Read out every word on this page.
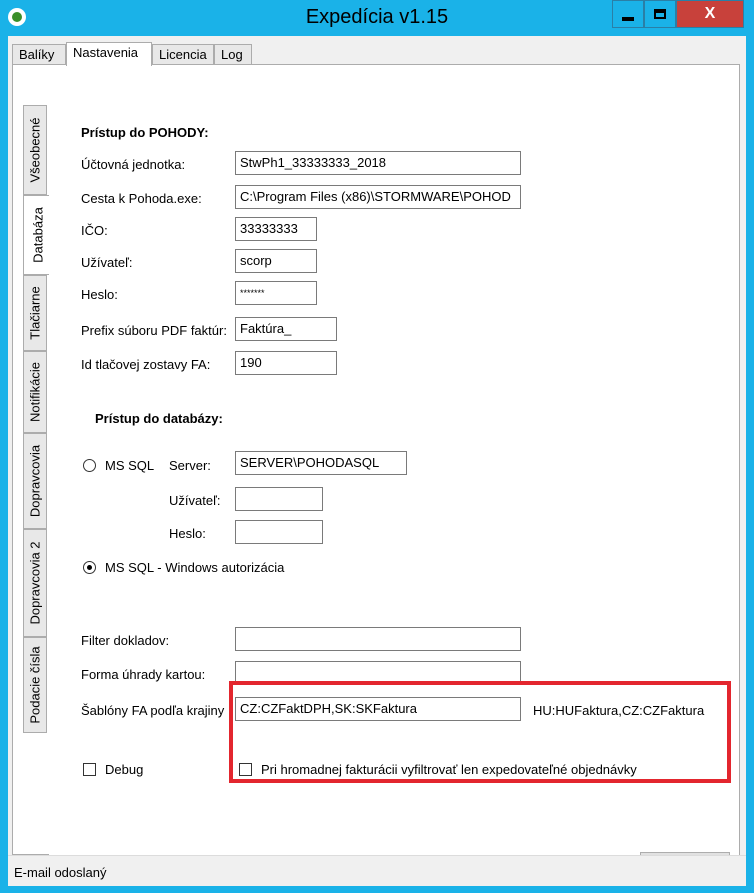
Expedícia v1.15	X
Balíky	Nastavenia	Licencia	Log
Všeobecné
Databáza
Tlačiarne
Notifikácie
Dopravcovia
Dopravcovia 2
Podacie čísla
Prístup do POHODY:
Účtovná jednotka:	StwPh1_33333333_2018
Cesta k Pohoda.exe:	C:\Program Files (x86)\STORMWARE\POHOD
IČO:	33333333
Užívateľ:	scorp
Heslo:	*******
Prefix súboru PDF faktúr:	Faktúra_
Id tlačovej zostavy FA:	190
Prístup do databázy:
MS SQL Server:	SERVER\POHODASQL
Užívateľ:
Heslo:
MS SQL - Windows autorizácia
Filter dokladov:
Forma úhrady kartou:
Šablóny FA podľa krajiny	CZ:CZFaktDPH,SK:SKFaktura	HU:HUFaktura,CZ:CZFaktura
Debug	Pri hromadnej fakturácii vyfiltrovať len expedovateľné objednávky
E-mail odoslaný
